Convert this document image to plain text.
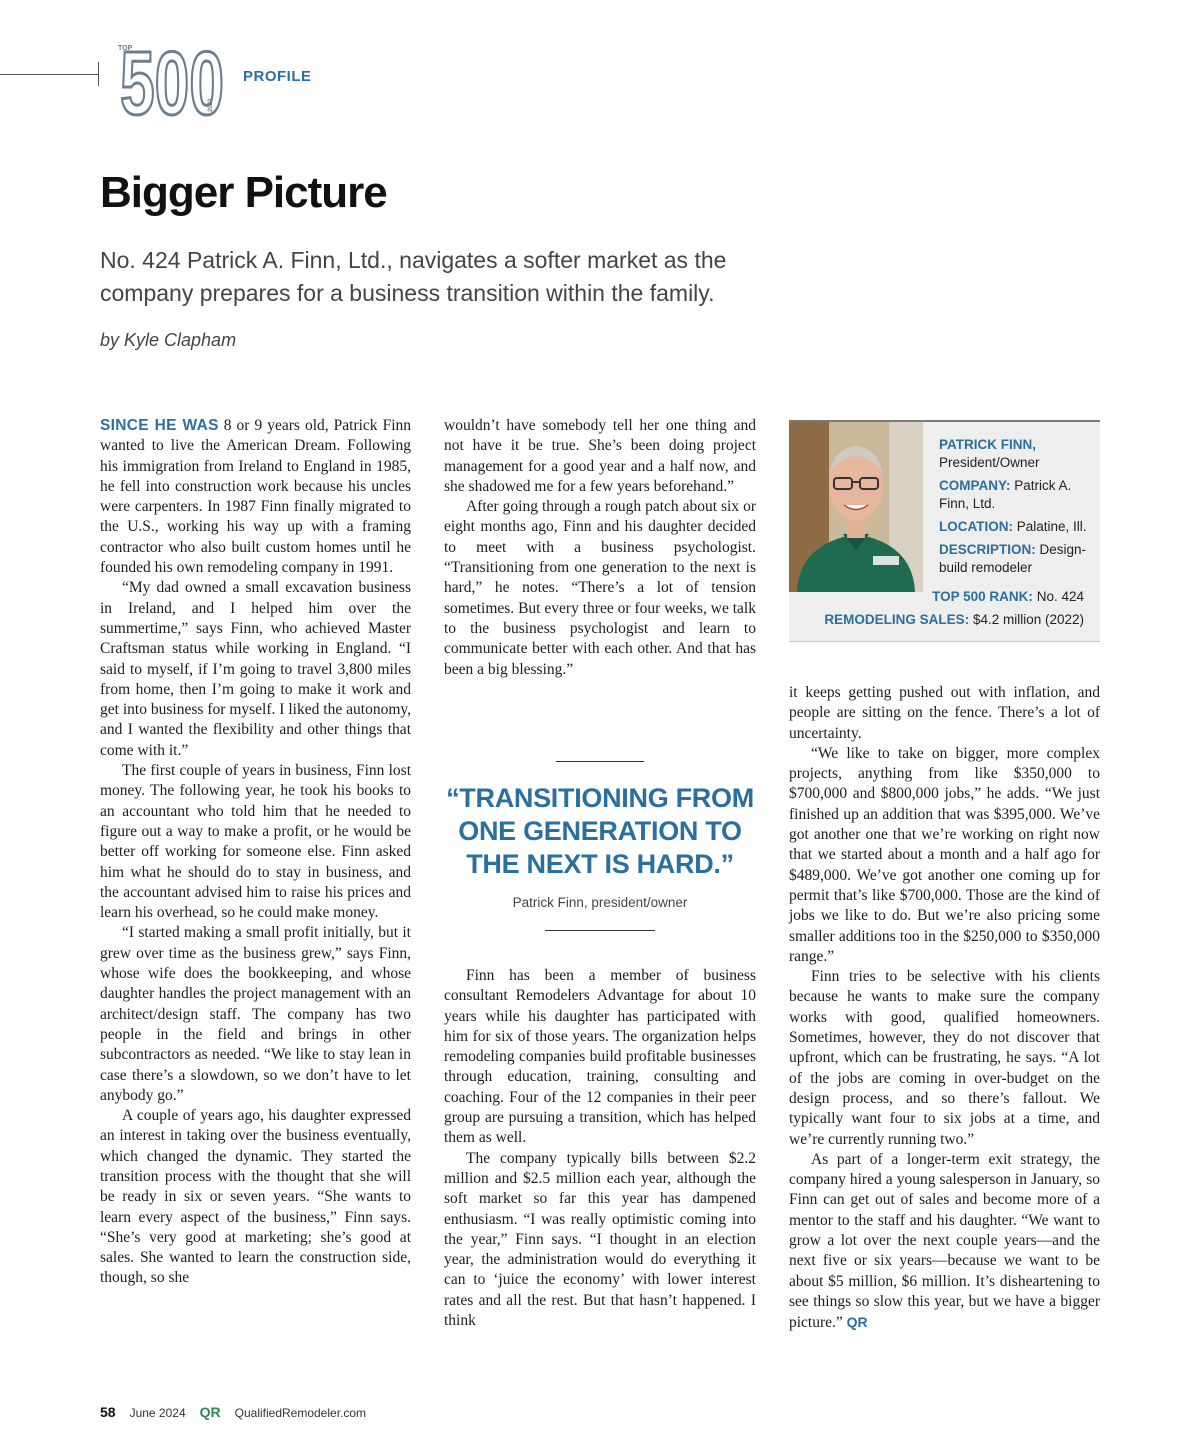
500
TOP
2023
PROFILE
Bigger Picture

No. 424 Patrick A. Finn, Ltd., navigates a softer market as the company prepares for a business transition within the family.

by Kyle Clapham

SINCE HE WAS 8 or 9 years old, Patrick Finn wanted to live the American Dream. Following his immigration from Ireland to England in 1985, he fell into construction work because his uncles were carpenters. In 1987 Finn finally migrated to the U.S., working his way up with a framing contractor who also built custom homes until he founded his own remodeling company in 1991.

“My dad owned a small excavation business in Ireland, and I helped him over the summertime,” says Finn, who achieved Master Craftsman status while working in England. “I said to myself, if I’m going to travel 3,800 miles from home, then I’m going to make it work and get into business for myself. I liked the autonomy, and I wanted the flexibility and other things that come with it.”

The first couple of years in business, Finn lost money. The following year, he took his books to an accountant who told him that he needed to figure out a way to make a profit, or he would be better off working for someone else. Finn asked him what he should do to stay in business, and the accountant advised him to raise his prices and learn his overhead, so he could make money.

“I started making a small profit initially, but it grew over time as the business grew,” says Finn, whose wife does the bookkeeping, and whose daughter handles the project management with an architect/design staff. The company has two people in the field and brings in other subcontractors as needed. “We like to stay lean in case there’s a slowdown, so we don’t have to let anybody go.”

A couple of years ago, his daughter expressed an interest in taking over the business eventually, which changed the dynamic. They started the transition process with the thought that she will be ready in six or seven years. “She wants to learn every aspect of the business,” Finn says. “She’s very good at marketing; she’s good at sales. She wanted to learn the construction side, though, so she

wouldn’t have somebody tell her one thing and not have it be true. She’s been doing project management for a good year and a half now, and she shadowed me for a few years beforehand.”

After going through a rough patch about six or eight months ago, Finn and his daughter decided to meet with a business psychologist. “Transitioning from one generation to the next is hard,” he notes. “There’s a lot of tension sometimes. But every three or four weeks, we talk to the business psychologist and learn to communicate better with each other. And that has been a big blessing.”

“TRANSITIONING FROM ONE GENERATION TO THE NEXT IS HARD.”

Patrick Finn, president/owner

Finn has been a member of business consultant Remodelers Advantage for about 10 years while his daughter has participated with him for six of those years. The organization helps remodeling companies build profitable businesses through education, training, consulting and coaching. Four of the 12 companies in their peer group are pursuing a transition, which has helped them as well.

The company typically bills between $2.2 million and $2.5 million each year, although the soft market so far this year has dampened enthusiasm. “I was really optimistic coming into the year,” Finn says. “I thought in an election year, the administration would do everything it can to ‘juice the economy’ with lower interest rates and all the rest. But that hasn’t happened. I think

PATRICK FINN,
President/Owner
COMPANY: Patrick A. Finn, Ltd.
LOCATION: Palatine, Ill.
DESCRIPTION: Design-build remodeler
TOP 500 RANK: No. 424
REMODELING SALES: $4.2 million (2022)

it keeps getting pushed out with inflation, and people are sitting on the fence. There’s a lot of uncertainty.

“We like to take on bigger, more complex projects, anything from like $350,000 to $700,000 and $800,000 jobs,” he adds. “We just finished up an addition that was $395,000. We’ve got another one that we’re working on right now that we started about a month and a half ago for $489,000. We’ve got another one coming up for permit that’s like $700,000. Those are the kind of jobs we like to do. But we’re also pricing some smaller additions too in the $250,000 to $350,000 range.”

Finn tries to be selective with his clients because he wants to make sure the company works with good, qualified homeowners. Sometimes, however, they do not discover that upfront, which can be frustrating, he says. “A lot of the jobs are coming in over-budget on the design process, and so there’s fallout. We typically want four to six jobs at a time, and we’re currently running two.”

As part of a longer-term exit strategy, the company hired a young salesperson in January, so Finn can get out of sales and become more of a mentor to the staff and his daughter. “We want to grow a lot over the next couple years—and the next five or six years—because we want to be about $5 million, $6 million. It’s disheartening to see things so slow this year, but we have a bigger picture.” QR

58 June 2024 QR QualifiedRemodeler.com
